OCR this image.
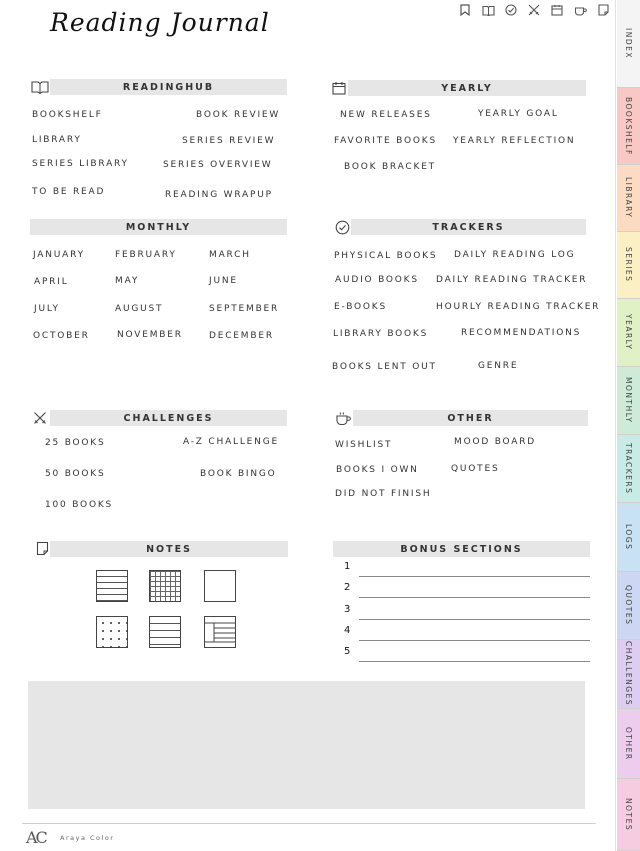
Reading Journal
READINGHUB
BOOKSHELF
LIBRARY
SERIES LIBRARY
TO BE READ
BOOK REVIEW
SERIES REVIEW
SERIES OVERVIEW
READING WRAPUP
YEARLY
NEW RELEASES
FAVORITE BOOKS
BOOK BRACKET
YEARLY GOAL
YEARLY REFLECTION
MONTHLY
JANUARY	FEBRUARY	MARCH
APRIL	MAY	JUNE
JULY	AUGUST	SEPTEMBER
OCTOBER	NOVEMBER	DECEMBER
TRACKERS
PHYSICAL BOOKS
AUDIO BOOKS
E-BOOKS
LIBRARY BOOKS
BOOKS LENT OUT
DAILY READING LOG
DAILY READING TRACKER
HOURLY READING TRACKER
RECOMMENDATIONS
GENRE
CHALLENGES
25 BOOKS
50 BOOKS
100 BOOKS
A-Z CHALLENGE
BOOK BINGO
OTHER
WISHLIST
BOOKS I OWN
DID NOT FINISH
MOOD BOARD
QUOTES
NOTES	BONUS SECTIONS
1
2
3
4
5
AC Araya Color
INDEX
BOOKSHELF
LIBRARY
SERIES
YEARLY
MONTHLY
TRACKERS
LOGS
QUOTES
CHALLENGES
OTHER
NOTES
